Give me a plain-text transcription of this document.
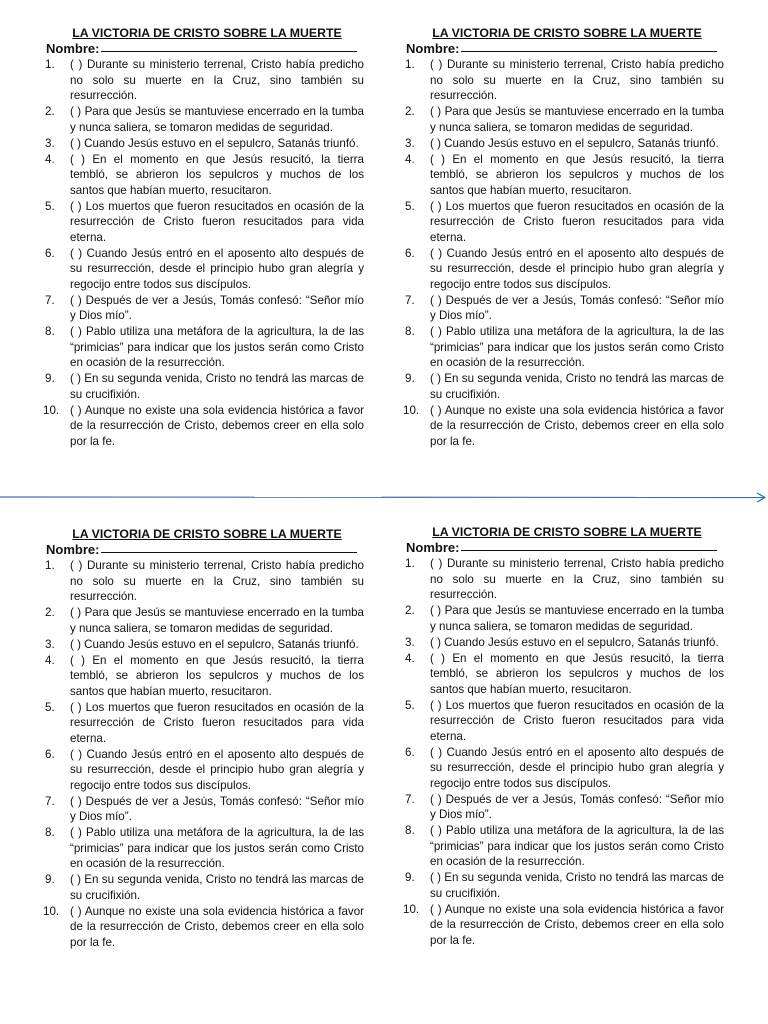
LA VICTORIA DE CRISTO SOBRE LA MUERTE
Nombre:
1. ( ) Durante su ministerio terrenal, Cristo había predicho no solo su muerte en la Cruz, sino también su resurrección.
2. ( ) Para que Jesús se mantuviese encerrado en la tumba y nunca saliera, se tomaron medidas de seguridad.
3. ( ) Cuando Jesús estuvo en el sepulcro, Satanás triunfó.
4. ( ) En el momento en que Jesús resucitó, la tierra tembló, se abrieron los sepulcros y muchos de los santos que habían muerto, resucitaron.
5. ( ) Los muertos que fueron resucitados en ocasión de la resurrección de Cristo fueron resucitados para vida eterna.
6. ( ) Cuando Jesús entró en el aposento alto después de su resurrección, desde el principio hubo gran alegría y regocijo entre todos sus discípulos.
7. ( ) Después de ver a Jesús, Tomás confesó: “Señor mío y Dios mío”.
8. ( ) Pablo utiliza una metáfora de la agricultura, la de las “primicias” para indicar que los justos serán como Cristo en ocasión de la resurrección.
9. ( ) En su segunda venida, Cristo no tendrá las marcas de su crucifixión.
10. ( ) Aunque no existe una sola evidencia histórica a favor de la resurrección de Cristo, debemos creer en ella solo por la fe.
LA VICTORIA DE CRISTO SOBRE LA MUERTE
Nombre:
1. ( ) Durante su ministerio terrenal, Cristo había predicho no solo su muerte en la Cruz, sino también su resurrección.
2. ( ) Para que Jesús se mantuviese encerrado en la tumba y nunca saliera, se tomaron medidas de seguridad.
3. ( ) Cuando Jesús estuvo en el sepulcro, Satanás triunfó.
4. ( ) En el momento en que Jesús resucitó, la tierra tembló, se abrieron los sepulcros y muchos de los santos que habían muerto, resucitaron.
5. ( ) Los muertos que fueron resucitados en ocasión de la resurrección de Cristo fueron resucitados para vida eterna.
6. ( ) Cuando Jesús entró en el aposento alto después de su resurrección, desde el principio hubo gran alegría y regocijo entre todos sus discípulos.
7. ( ) Después de ver a Jesús, Tomás confesó: “Señor mío y Dios mío”.
8. ( ) Pablo utiliza una metáfora de la agricultura, la de las “primicias” para indicar que los justos serán como Cristo en ocasión de la resurrección.
9. ( ) En su segunda venida, Cristo no tendrá las marcas de su crucifixión.
10. ( ) Aunque no existe una sola evidencia histórica a favor de la resurrección de Cristo, debemos creer en ella solo por la fe.
LA VICTORIA DE CRISTO SOBRE LA MUERTE
Nombre:
1. ( ) Durante su ministerio terrenal, Cristo había predicho no solo su muerte en la Cruz, sino también su resurrección.
2. ( ) Para que Jesús se mantuviese encerrado en la tumba y nunca saliera, se tomaron medidas de seguridad.
3. ( ) Cuando Jesús estuvo en el sepulcro, Satanás triunfó.
4. ( ) En el momento en que Jesús resucitó, la tierra tembló, se abrieron los sepulcros y muchos de los santos que habían muerto, resucitaron.
5. ( ) Los muertos que fueron resucitados en ocasión de la resurrección de Cristo fueron resucitados para vida eterna.
6. ( ) Cuando Jesús entró en el aposento alto después de su resurrección, desde el principio hubo gran alegría y regocijo entre todos sus discípulos.
7. ( ) Después de ver a Jesús, Tomás confesó: “Señor mío y Dios mío”.
8. ( ) Pablo utiliza una metáfora de la agricultura, la de las “primicias” para indicar que los justos serán como Cristo en ocasión de la resurrección.
9. ( ) En su segunda venida, Cristo no tendrá las marcas de su crucifixión.
10. ( ) Aunque no existe una sola evidencia histórica a favor de la resurrección de Cristo, debemos creer en ella solo por la fe.
LA VICTORIA DE CRISTO SOBRE LA MUERTE
Nombre:
1. ( ) Durante su ministerio terrenal, Cristo había predicho no solo su muerte en la Cruz, sino también su resurrección.
2. ( ) Para que Jesús se mantuviese encerrado en la tumba y nunca saliera, se tomaron medidas de seguridad.
3. ( ) Cuando Jesús estuvo en el sepulcro, Satanás triunfó.
4. ( ) En el momento en que Jesús resucitó, la tierra tembló, se abrieron los sepulcros y muchos de los santos que habían muerto, resucitaron.
5. ( ) Los muertos que fueron resucitados en ocasión de la resurrección de Cristo fueron resucitados para vida eterna.
6. ( ) Cuando Jesús entró en el aposento alto después de su resurrección, desde el principio hubo gran alegría y regocijo entre todos sus discípulos.
7. ( ) Después de ver a Jesús, Tomás confesó: “Señor mío y Dios mío”.
8. ( ) Pablo utiliza una metáfora de la agricultura, la de las “primicias” para indicar que los justos serán como Cristo en ocasión de la resurrección.
9. ( ) En su segunda venida, Cristo no tendrá las marcas de su crucifixión.
10. ( ) Aunque no existe una sola evidencia histórica a favor de la resurrección de Cristo, debemos creer en ella solo por la fe.
